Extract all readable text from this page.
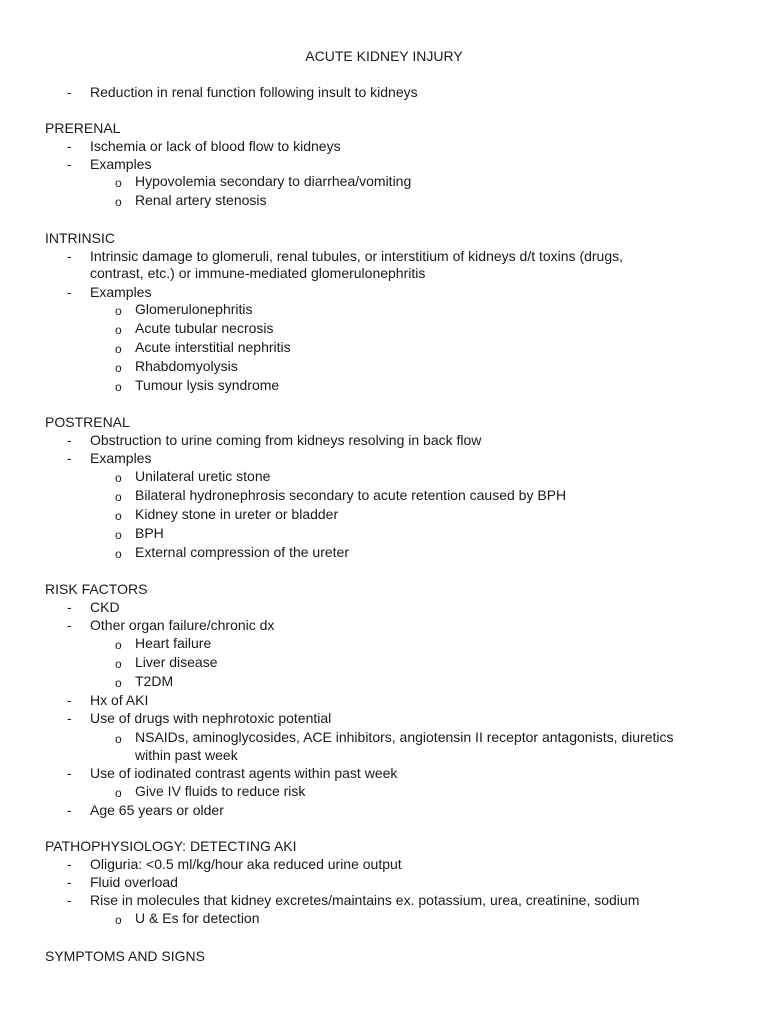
ACUTE KIDNEY INJURY
- Reduction in renal function following insult to kidneys
PRERENAL
- Ischemia or lack of blood flow to kidneys
- Examples
o Hypovolemia secondary to diarrhea/vomiting
o Renal artery stenosis
INTRINSIC
- Intrinsic damage to glomeruli, renal tubules, or interstitium of kidneys d/t toxins (drugs,
contrast, etc.) or immune-mediated glomerulonephritis
- Examples
o Glomerulonephritis
o Acute tubular necrosis
o Acute interstitial nephritis
o Rhabdomyolysis
o Tumour lysis syndrome
POSTRENAL
- Obstruction to urine coming from kidneys resolving in back flow
- Examples
o Unilateral uretic stone
o Bilateral hydronephrosis secondary to acute retention caused by BPH
o Kidney stone in ureter or bladder
o BPH
o External compression of the ureter
RISK FACTORS
- CKD
- Other organ failure/chronic dx
o Heart failure
o Liver disease
o T2DM
- Hx of AKI
- Use of drugs with nephrotoxic potential
o NSAIDs, aminoglycosides, ACE inhibitors, angiotensin II receptor antagonists, diuretics
within past week
- Use of iodinated contrast agents within past week
o Give IV fluids to reduce risk
- Age 65 years or older
PATHOPHYSIOLOGY: DETECTING AKI
- Oliguria: <0.5 ml/kg/hour aka reduced urine output
- Fluid overload
- Rise in molecules that kidney excretes/maintains ex. potassium, urea, creatinine, sodium
o U & Es for detection
SYMPTOMS AND SIGNS
